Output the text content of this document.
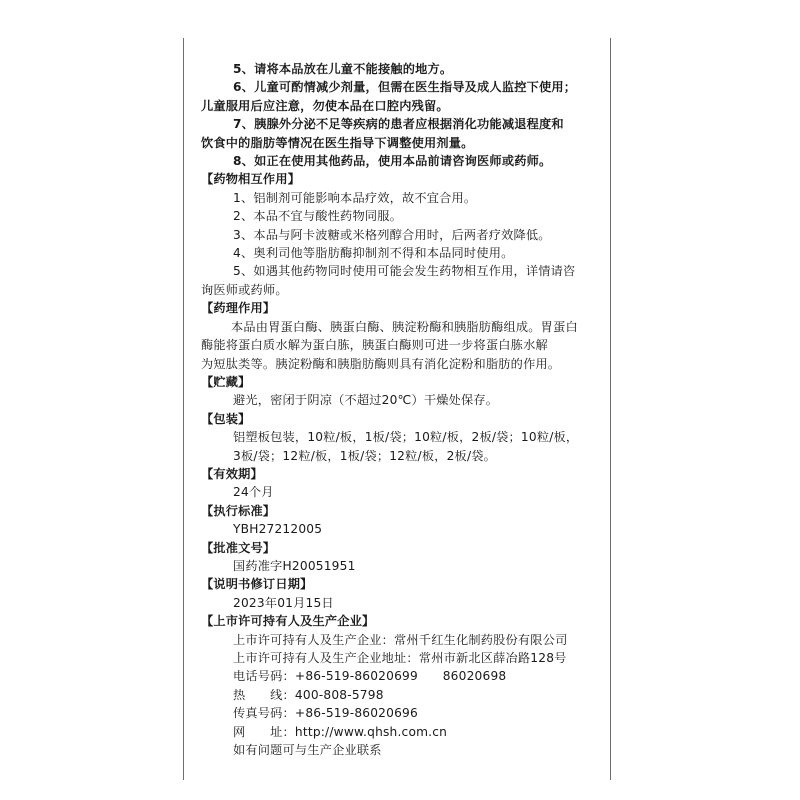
5、请将本品放在儿童不能接触的地方。
6、儿童可酌情减少剂量，但需在医生指导及成人监控下使用；
儿童服用后应注意，勿使本品在口腔内残留。
7、胰腺外分泌不足等疾病的患者应根据消化功能减退程度和
饮食中的脂肪等情况在医生指导下调整使用剂量。
8、如正在使用其他药品，使用本品前请咨询医师或药师。
【药物相互作用】
1、铝制剂可能影响本品疗效，故不宜合用。
2、本品不宜与酸性药物同服。
3、本品与阿卡波糖或米格列醇合用时，后两者疗效降低。
4、奥利司他等脂肪酶抑制剂不得和本品同时使用。
5、如遇其他药物同时使用可能会发生药物相互作用，详情请咨
询医师或药师。
【药理作用】
本品由胃蛋白酶、胰蛋白酶、胰淀粉酶和胰脂肪酶组成。胃蛋白
酶能将蛋白质水解为蛋白胨，胰蛋白酶则可进一步将蛋白胨水解
为短肽类等。胰淀粉酶和胰脂肪酶则具有消化淀粉和脂肪的作用。
【贮藏】
避光，密闭于阴凉（不超过20℃）干燥处保存。
【包装】
铝塑板包装，10粒/板，1板/袋；10粒/板，2板/袋；10粒/板，
3板/袋；12粒/板，1板/袋；12粒/板，2板/袋。
【有效期】
24个月
【执行标准】
YBH27212005
【批准文号】
国药准字H20051951
【说明书修订日期】
2023年01月15日
【上市许可持有人及生产企业】
上市许可持有人及生产企业：常州千红生化制药股份有限公司
上市许可持有人及生产企业地址：常州市新北区薛冶路128号
电话号码：+86-519-86020699　　86020698
热　　线：400-808-5798
传真号码：+86-519-86020696
网　　址：http://www.qhsh.com.cn
如有问题可与生产企业联系
